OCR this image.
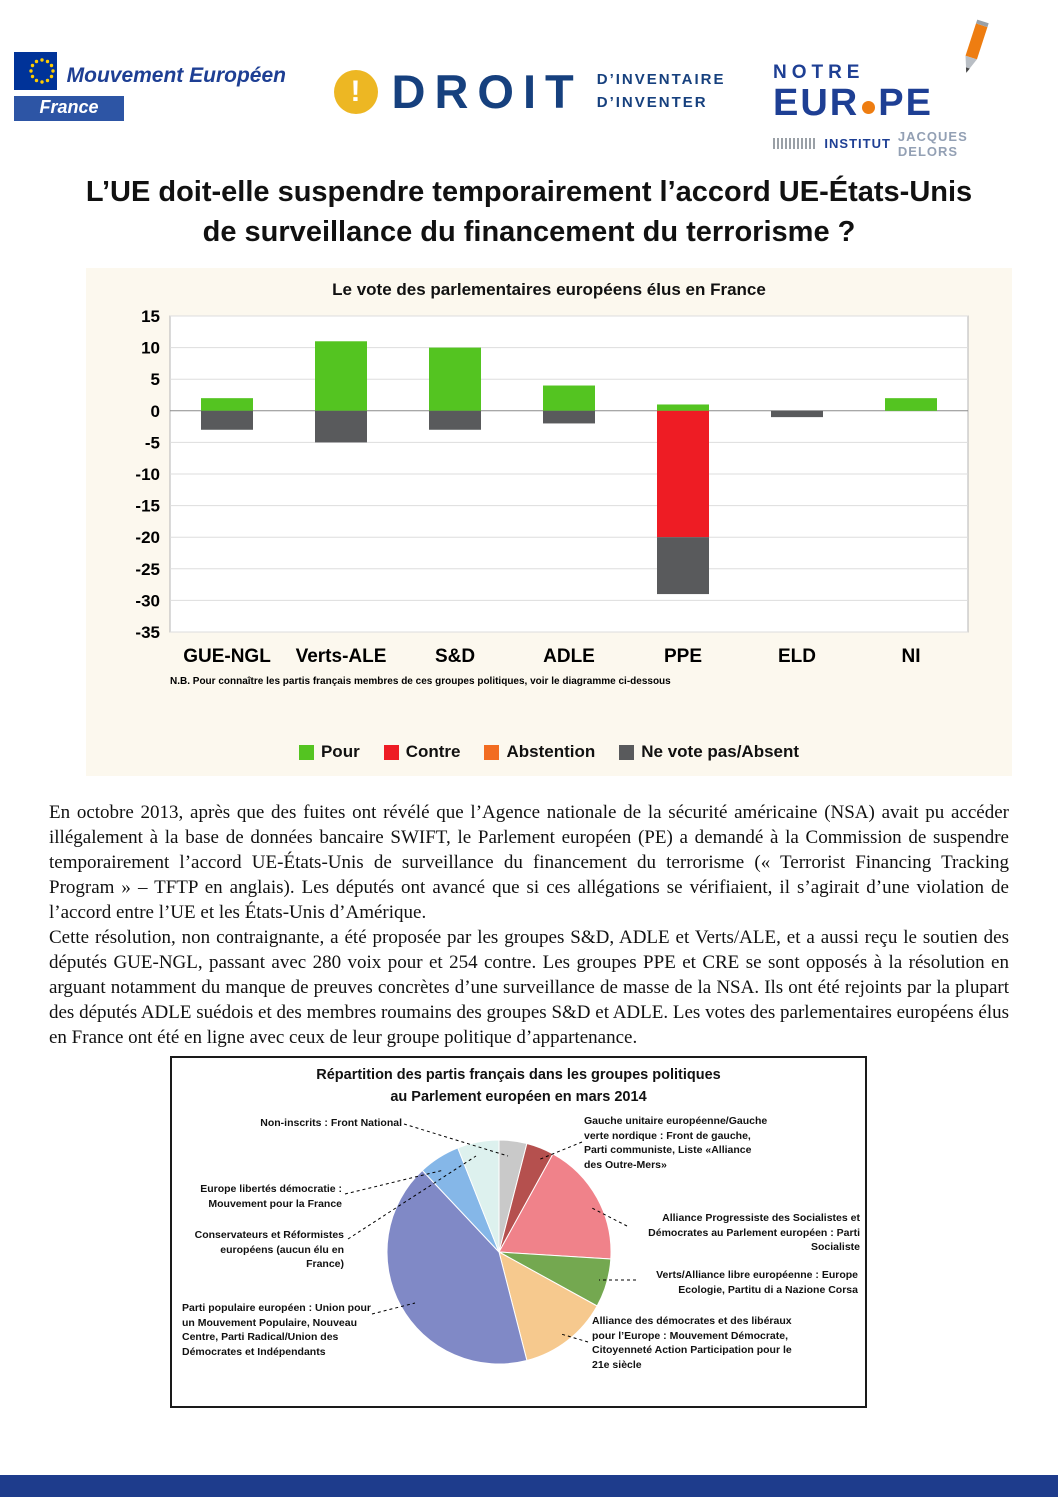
Mouvement Européen
France	! DROIT D’INVENTAIRE
D’INVENTER
NOTRE
EUR PE
INSTITUT JACQUES DELORS
L’UE doit-elle suspendre temporairement l’accord UE-États-Unis
de surveillance du financement du terrorisme ?
Le vote des parlementaires européens élus en France
-35
-30
-25
-20
-15
-10
-5
0
5
10
15
GUE-NGL Verts-ALE	S&D	ADLE	PPE	ELD	NI
N.B. Pour connaître les partis français membres de ces groupes politiques, voir le diagramme ci-dessous
Pour	Contre	Abstention	Ne vote pas/Absent

En octobre 2013, après que des fuites ont révélé que l’Agence nationale de la sécurité américaine (NSA) avait pu accéder illégalement à la base de données bancaire SWIFT, le Parlement européen (PE) a demandé à la Commission de suspendre temporairement l’accord UE-États-Unis de surveillance du financement du terrorisme (« Terrorist Financing Tracking Program » – TFTP en anglais). Les députés ont avancé que si ces allégations se vérifiaient, il s’agirait d’une violation de l’accord entre l’UE et les États-Unis d’Amérique.

Cette résolution, non contraignante, a été proposée par les groupes S&D, ADLE et Verts/ALE, et a aussi reçu le soutien des députés GUE-NGL, passant avec 280 voix pour et 254 contre. Les groupes PPE et CRE se sont opposés à la résolution en arguant notamment du manque de preuves concrètes d’une surveillance de masse de la NSA. Ils ont été rejoints par la plupart des députés ADLE suédois et des membres roumains des groupes S&D et ADLE. Les votes des parlementaires européens élus en France ont été en ligne avec ceux de leur groupe politique d’appartenance.

Répartition des partis français dans les groupes politiques
au Parlement européen en mars 2014
Non-inscrits : Front National	Gauche unitaire européenne/Gauche verte nordique : Front de gauche, Parti communiste, Liste «Alliance des Outre-Mers»
Alliance Progressiste des Socialistes et Démocrates au Parlement européen : Parti Socialiste
Verts/Alliance libre européenne : Europe Ecologie, Partitu di a Nazione Corsa
Alliance des démocrates et des libéraux pour l’Europe : Mouvement Démocrate, Citoyenneté Action Participation pour le 21e siècle
Parti populaire européen : Union pour un Mouvement Populaire, Nouveau Centre, Parti Radical/Union des Démocrates et Indépendants
Europe libertés démocratie : Mouvement pour la France
Conservateurs et Réformistes européens (aucun élu en France)
